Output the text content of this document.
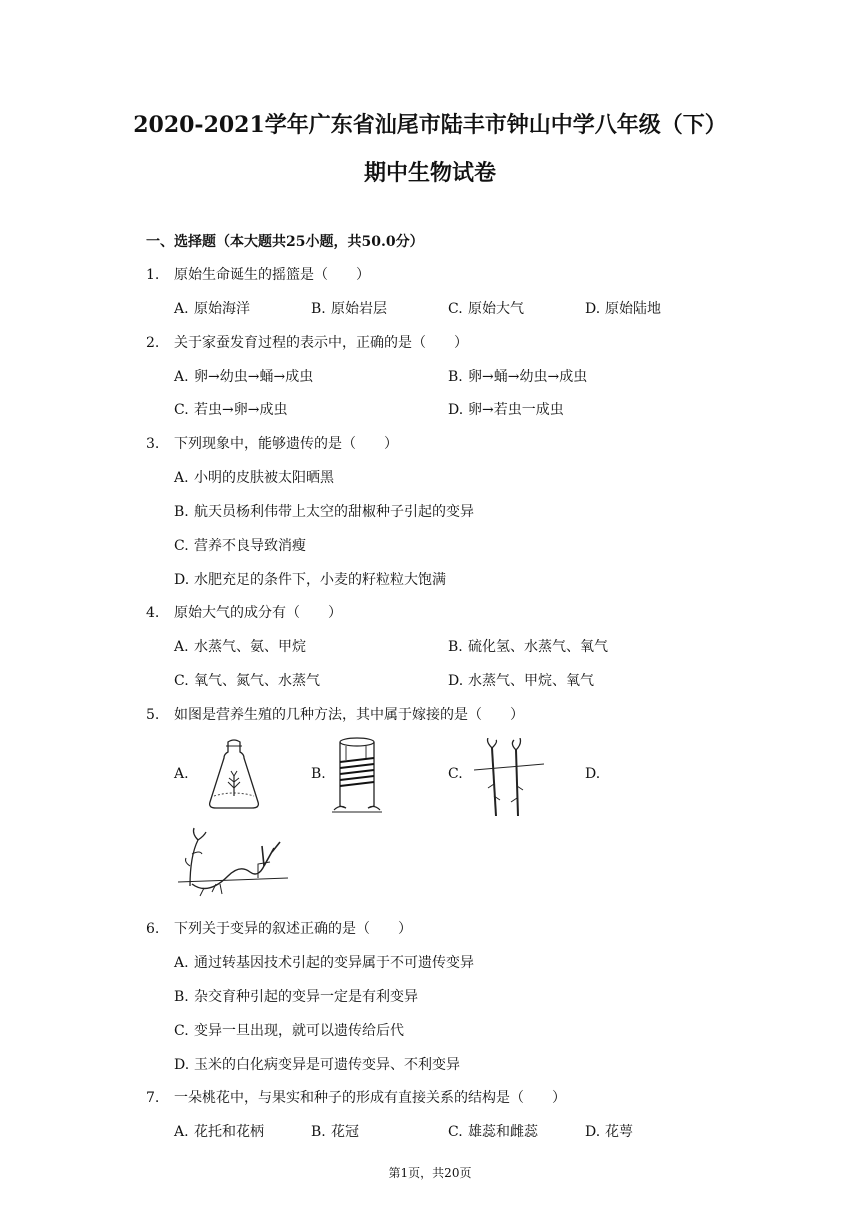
2020-2021学年广东省汕尾市陆丰市钟山中学八年级（下）
期中生物试卷
一、选择题（本大题共25小题，共50.0分）
1. 原始生命诞生的摇篮是（　　）
A. 原始海洋	B. 原始岩层	C. 原始大气	D. 原始陆地
2. 关于家蚕发育过程的表示中，正确的是（　　）
A. 卵→幼虫→蛹→成虫	B. 卵→蛹→幼虫→成虫
C. 若虫→卵→成虫	D. 卵→若虫一成虫
3. 下列现象中，能够遗传的是（　　）
A. 小明的皮肤被太阳晒黑
B. 航天员杨利伟带上太空的甜椒种子引起的变异
C. 营养不良导致消瘦
D. 水肥充足的条件下，小麦的籽粒粒大饱满
4. 原始大气的成分有（　　）
A. 水蒸气、氨、甲烷	B. 硫化氢、水蒸气、氧气
C. 氧气、氮气、水蒸气	D. 水蒸气、甲烷、氧气
5. 如图是营养生殖的几种方法，其中属于嫁接的是（　　）
A.	B.	C.	D.
6. 下列关于变异的叙述正确的是（　　）
A. 通过转基因技术引起的变异属于不可遗传变异
B. 杂交育种引起的变异一定是有利变异
C. 变异一旦出现，就可以遗传给后代
D. 玉米的白化病变异是可遗传变异、不利变异
7. 一朵桃花中，与果实和种子的形成有直接关系的结构是（　　）
A. 花托和花柄	B. 花冠	C. 雄蕊和雌蕊	D. 花萼
第1页，共20页
